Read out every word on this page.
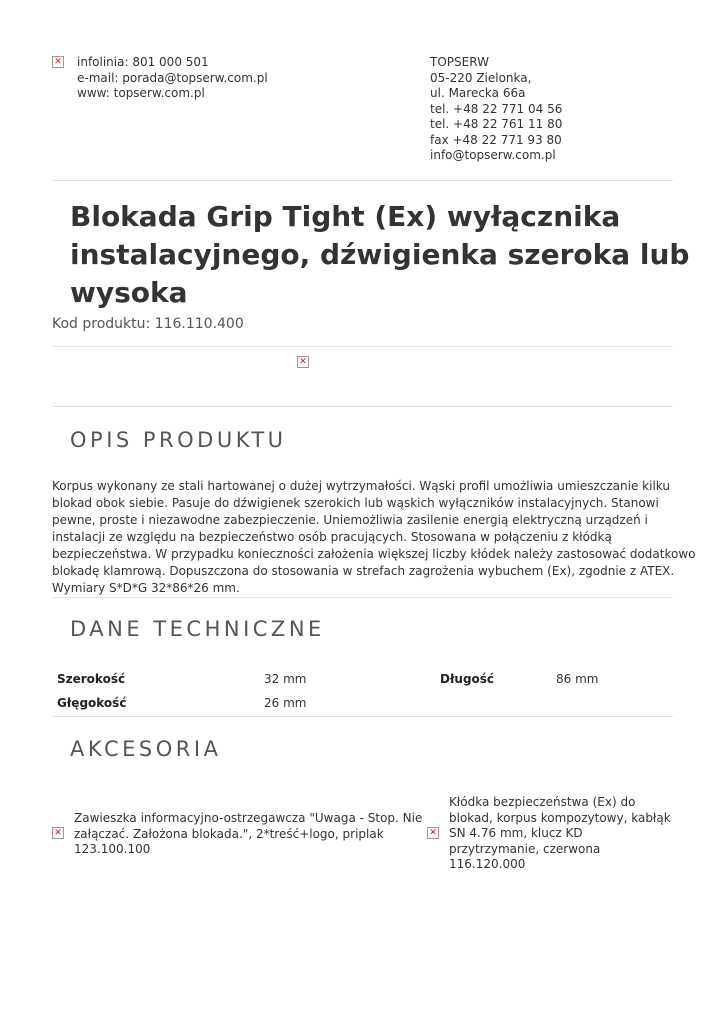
✕
infolinia: 801 000 501
e-mail: porada@topserw.com.pl
www: topserw.com.pl
TOPSERW
05-220 Zielonka,
ul. Marecka 66a
tel. +48 22 771 04 56
tel. +48 22 761 11 80
fax +48 22 771 93 80
info@topserw.com.pl
Blokada Grip Tight (Ex) wyłącznika
instalacyjnego, dźwigienka szeroka lub
wysoka
Kod produktu: 116.110.400
✕
OPIS PRODUKTU
Korpus wykonany ze stali hartowanej o dużej wytrzymałości. Wąski profil umożliwia umieszczanie kilku
blokad obok siebie. Pasuje do dźwigienek szerokich lub wąskich wyłączników instalacyjnych. Stanowi
pewne, proste i niezawodne zabezpieczenie. Uniemożliwia zasilenie energią elektryczną urządzeń i
instalacji ze względu na bezpieczeństwo osób pracujących. Stosowana w połączeniu z kłódką
bezpieczeństwa. W przypadku konieczności założenia większej liczby kłódek należy zastosować dodatkowo
blokadę klamrową. Dopuszczona do stosowania w strefach zagrożenia wybuchem (Ex), zgodnie z ATEX.
Wymiary S*D*G 32*86*26 mm.
DANE TECHNICZNE
Szerokość	32 mm	Długość	86 mm
Głęgokość	26 mm
AKCESORIA
✕
Zawieszka informacyjno-ostrzegawcza "Uwaga - Stop. Nie
załączać. Założona blokada.", 2*treść+logo, priplak
123.100.100
✕
Kłódka bezpieczeństwa (Ex) do
blokad, korpus kompozytowy, kabłąk
SN 4.76 mm, klucz KD
przytrzymanie, czerwona
116.120.000
